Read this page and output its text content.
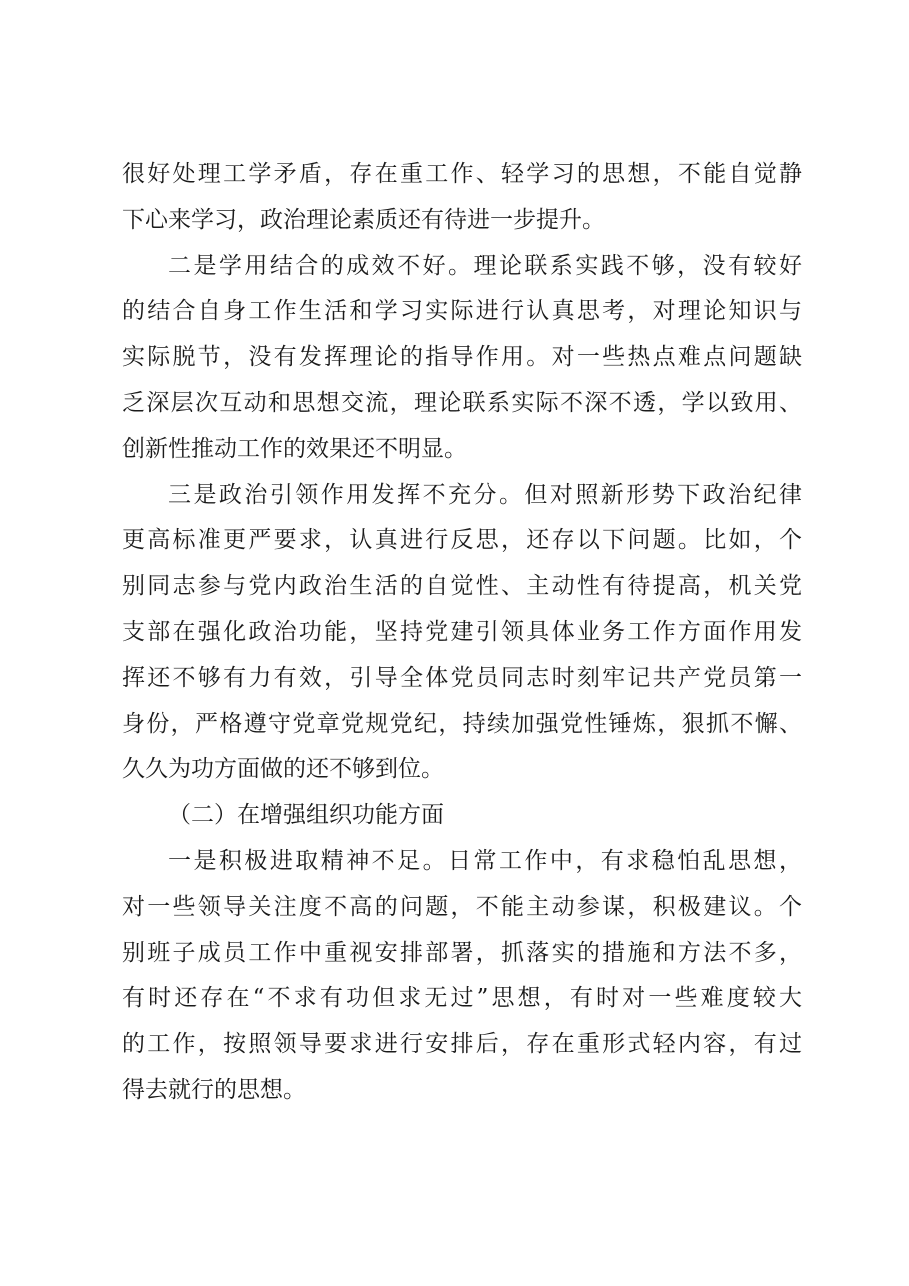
很好处理工学矛盾，存在重工作、轻学习的思想，不能自觉静
下心来学习，政治理论素质还有待进一步提升。
二是学用结合的成效不好。理论联系实践不够，没有较好
的结合自身工作生活和学习实际进行认真思考，对理论知识与
实际脱节，没有发挥理论的指导作用。对一些热点难点问题缺
乏深层次互动和思想交流，理论联系实际不深不透，学以致用、
创新性推动工作的效果还不明显。
三是政治引领作用发挥不充分。但对照新形势下政治纪律
更高标准更严要求，认真进行反思，还存以下问题。比如，个
别同志参与党内政治生活的自觉性、主动性有待提高，机关党
支部在强化政治功能，坚持党建引领具体业务工作方面作用发
挥还不够有力有效，引导全体党员同志时刻牢记共产党员第一
身份，严格遵守党章党规党纪，持续加强党性锤炼，狠抓不懈、
久久为功方面做的还不够到位。
（二）在增强组织功能方面
一是积极进取精神不足。日常工作中，有求稳怕乱思想，
对一些领导关注度不高的问题，不能主动参谋，积极建议。个
别班子成员工作中重视安排部署，抓落实的措施和方法不多，
有时还存在“不求有功但求无过”思想，有时对一些难度较大
的工作，按照领导要求进行安排后，存在重形式轻内容，有过
得去就行的思想。
